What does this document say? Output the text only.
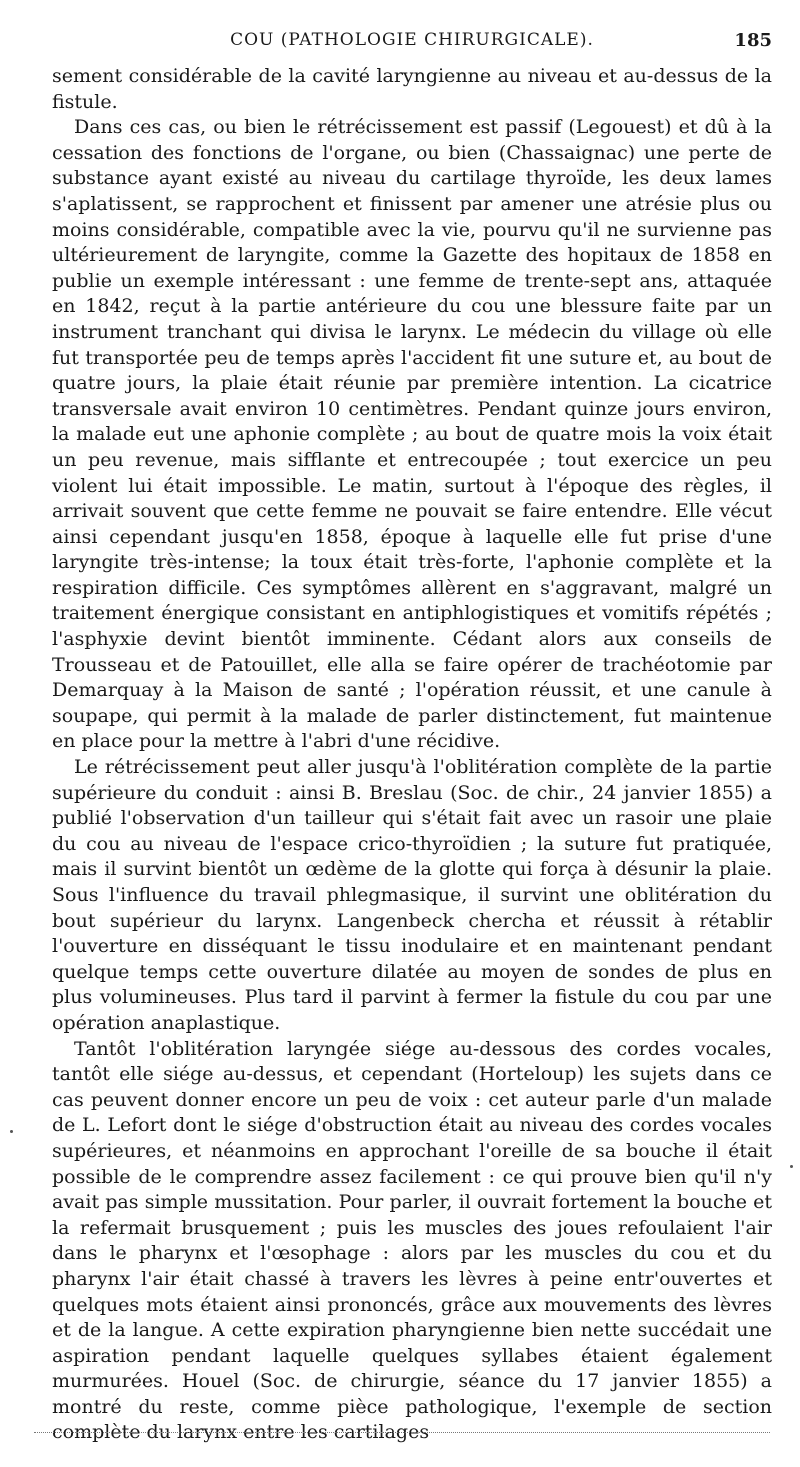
COU (PATHOLOGIE CHIRURGICALE).	185

sement considérable de la cavité laryngienne au niveau et au-dessus de la fistule.

Dans ces cas, ou bien le rétrécissement est passif (Legouest) et dû à la cessation des fonctions de l'organe, ou bien (Chassaignac) une perte de substance ayant existé au niveau du cartilage thyroïde, les deux lames s'aplatissent, se rapprochent et finissent par amener une atrésie plus ou moins considérable, compatible avec la vie, pourvu qu'il ne survienne pas ultérieurement de laryngite, comme la Gazette des hopitaux de 1858 en publie un exemple intéressant : une femme de trente-sept ans, attaquée en 1842, reçut à la partie antérieure du cou une blessure faite par un instrument tranchant qui divisa le larynx. Le médecin du village où elle fut transportée peu de temps après l'accident fit une suture et, au bout de quatre jours, la plaie était réunie par première intention. La cicatrice transversale avait environ 10 centimètres. Pendant quinze jours environ, la malade eut une aphonie complète ; au bout de quatre mois la voix était un peu revenue, mais sifflante et entrecoupée ; tout exercice un peu violent lui était impossible. Le matin, surtout à l'époque des règles, il arrivait souvent que cette femme ne pouvait se faire entendre. Elle vécut ainsi cependant jusqu'en 1858, époque à laquelle elle fut prise d'une laryngite très-intense; la toux était très-forte, l'aphonie complète et la respiration difficile. Ces symptômes allèrent en s'aggravant, malgré un traitement énergique consistant en antiphlogistiques et vomitifs répétés ; l'asphyxie devint bientôt imminente. Cédant alors aux conseils de Trousseau et de Patouillet, elle alla se faire opérer de trachéotomie par Demarquay à la Maison de santé ; l'opération réussit, et une canule à soupape, qui permit à la malade de parler distinctement, fut maintenue en place pour la mettre à l'abri d'une récidive.

Le rétrécissement peut aller jusqu'à l'oblitération complète de la partie supérieure du conduit : ainsi B. Breslau (Soc. de chir., 24 janvier 1855) a publié l'observation d'un tailleur qui s'était fait avec un rasoir une plaie du cou au niveau de l'espace crico-thyroïdien ; la suture fut pratiquée, mais il survint bientôt un œdème de la glotte qui força à désunir la plaie. Sous l'influence du travail phlegmasique, il survint une oblitération du bout supérieur du larynx. Langenbeck chercha et réussit à rétablir l'ouverture en disséquant le tissu inodulaire et en maintenant pendant quelque temps cette ouverture dilatée au moyen de sondes de plus en plus volumineuses. Plus tard il parvint à fermer la fistule du cou par une opération anaplastique.

Tantôt l'oblitération laryngée siége au-dessous des cordes vocales, tantôt elle siége au-dessus, et cependant (Horteloup) les sujets dans ce cas peuvent donner encore un peu de voix : cet auteur parle d'un malade de L. Lefort dont le siége d'obstruction était au niveau des cordes vocales supérieures, et néanmoins en approchant l'oreille de sa bouche il était possible de le comprendre assez facilement : ce qui prouve bien qu'il n'y avait pas simple mussitation. Pour parler, il ouvrait fortement la bouche et la refermait brusquement ; puis les muscles des joues refoulaient l'air dans le pharynx et l'œsophage : alors par les muscles du cou et du pharynx l'air était chassé à travers les lèvres à peine entr'ouvertes et quelques mots étaient ainsi prononcés, grâce aux mouvements des lèvres et de la langue. A cette expiration pharyngienne bien nette succédait une aspiration pendant laquelle quelques syllabes étaient également murmurées. Houel (Soc. de chirurgie, séance du 17 janvier 1855) a montré du reste, comme pièce pathologique, l'exemple de section complète du larynx entre les cartilages
